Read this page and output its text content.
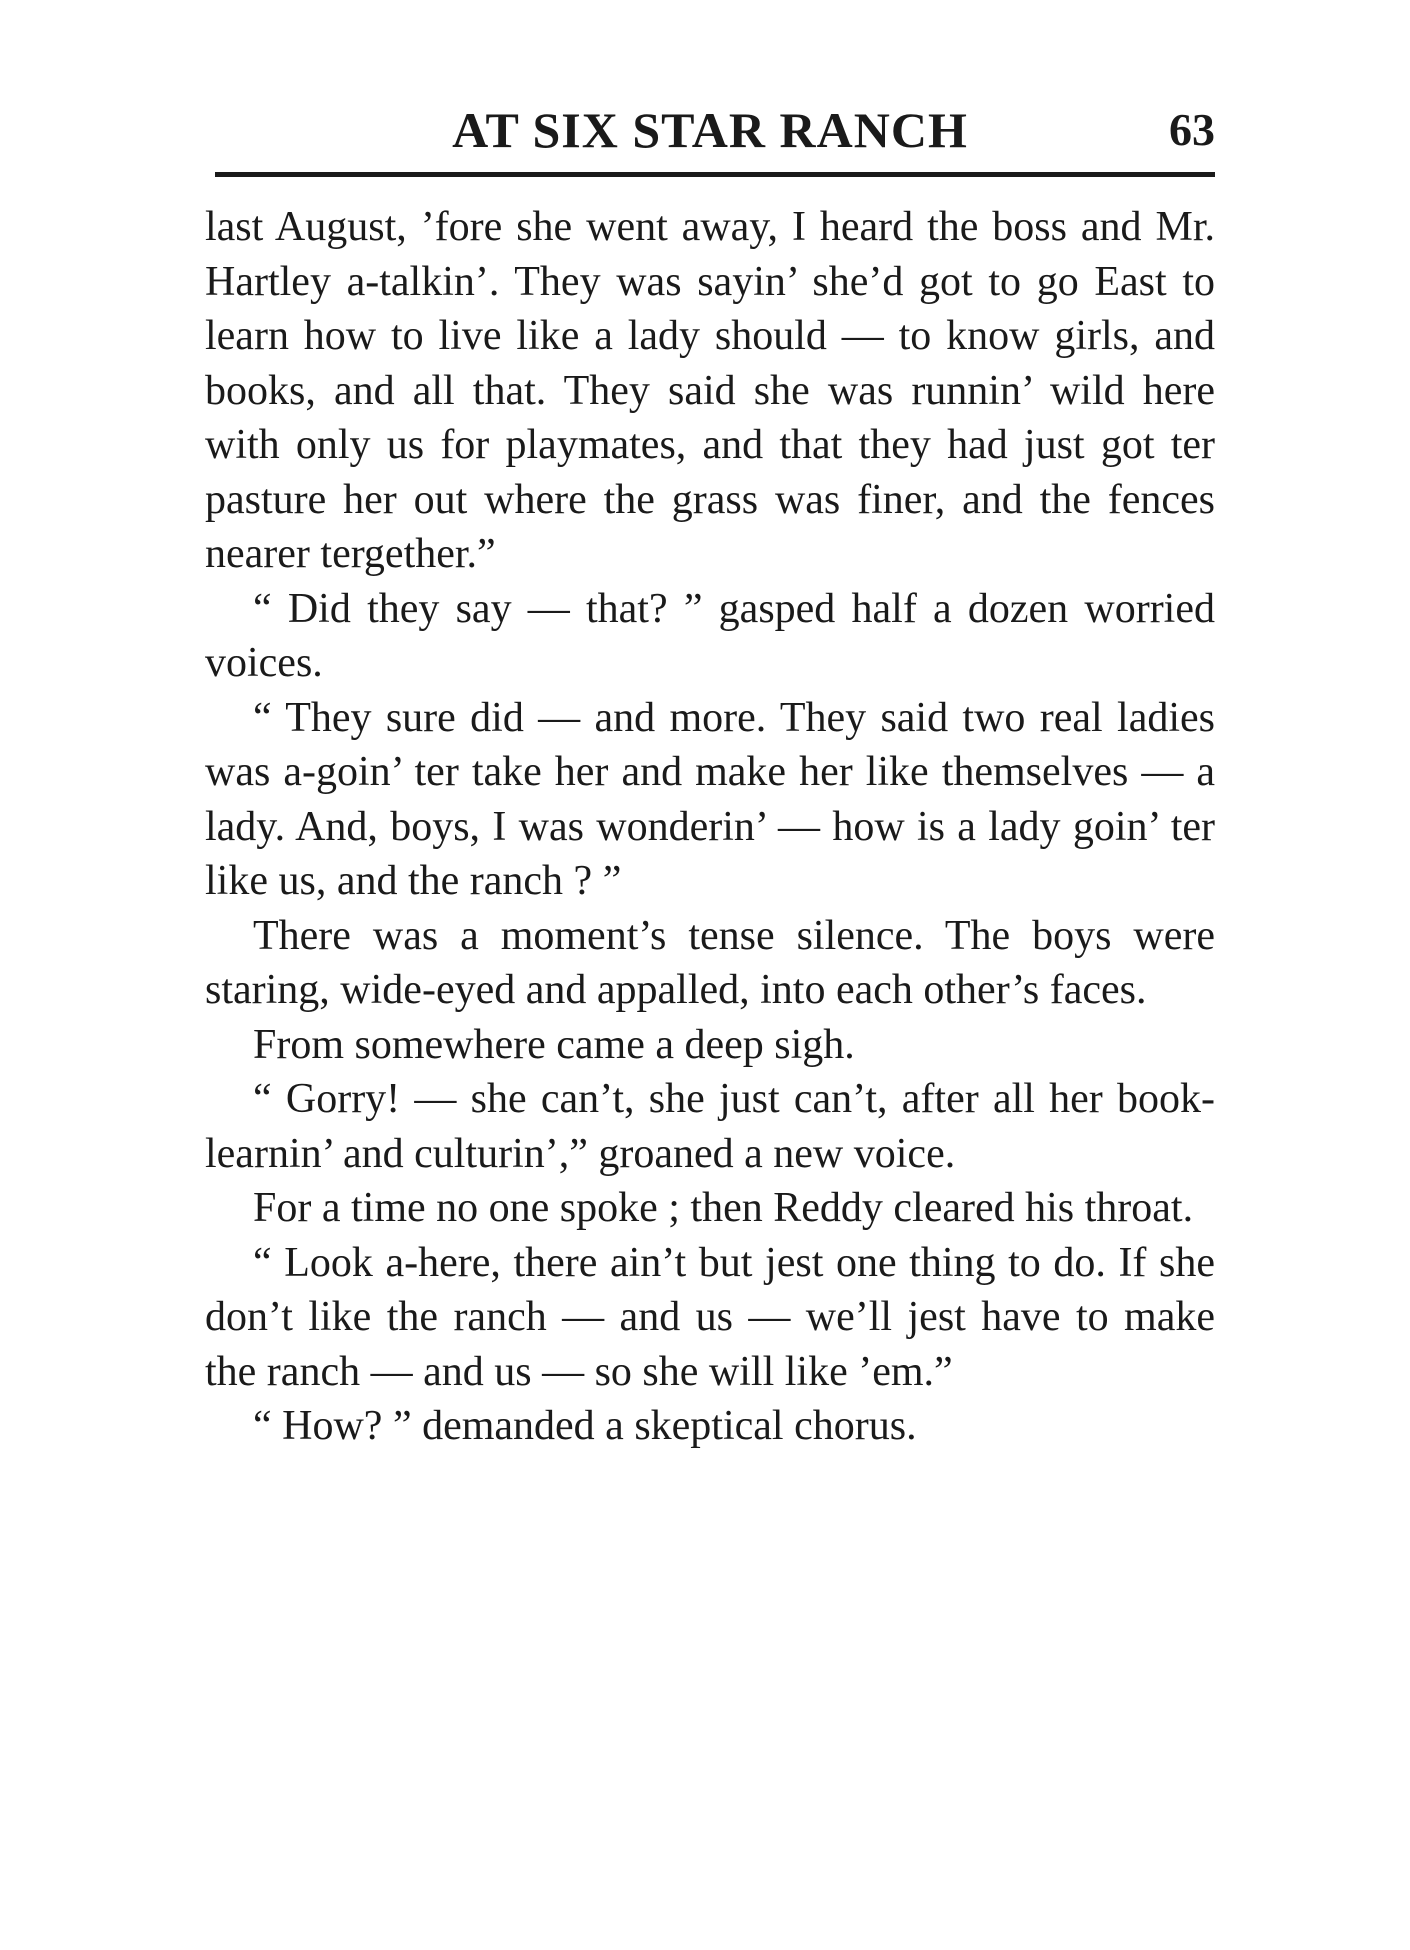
AT SIX STAR RANCH	63

last August, ’fore she went away, I heard the boss and Mr. Hartley a-talkin’. They was sayin’ she’d got to go East to learn how to live like a lady should — to know girls, and books, and all that. They said she was runnin’ wild here with only us for playmates, and that they had just got ter pasture her out where the grass was finer, and the fences nearer tergether.”

“ Did they say — that? ” gasped half a dozen worried voices.

“ They sure did — and more. They said two real ladies was a-goin’ ter take her and make her like themselves — a lady. And, boys, I was wonderin’ — how is a lady goin’ ter like us, and the ranch ? ”

There was a moment’s tense silence. The boys were staring, wide-eyed and appalled, into each other’s faces.

From somewhere came a deep sigh.

“ Gorry! — she can’t, she just can’t, after all her book-learnin’ and culturin’,” groaned a new voice.

For a time no one spoke ; then Reddy cleared his throat.

“ Look a-here, there ain’t but jest one thing to do. If she don’t like the ranch — and us — we’ll jest have to make the ranch — and us — so she will like ’em.”

“ How? ” demanded a skeptical chorus.
